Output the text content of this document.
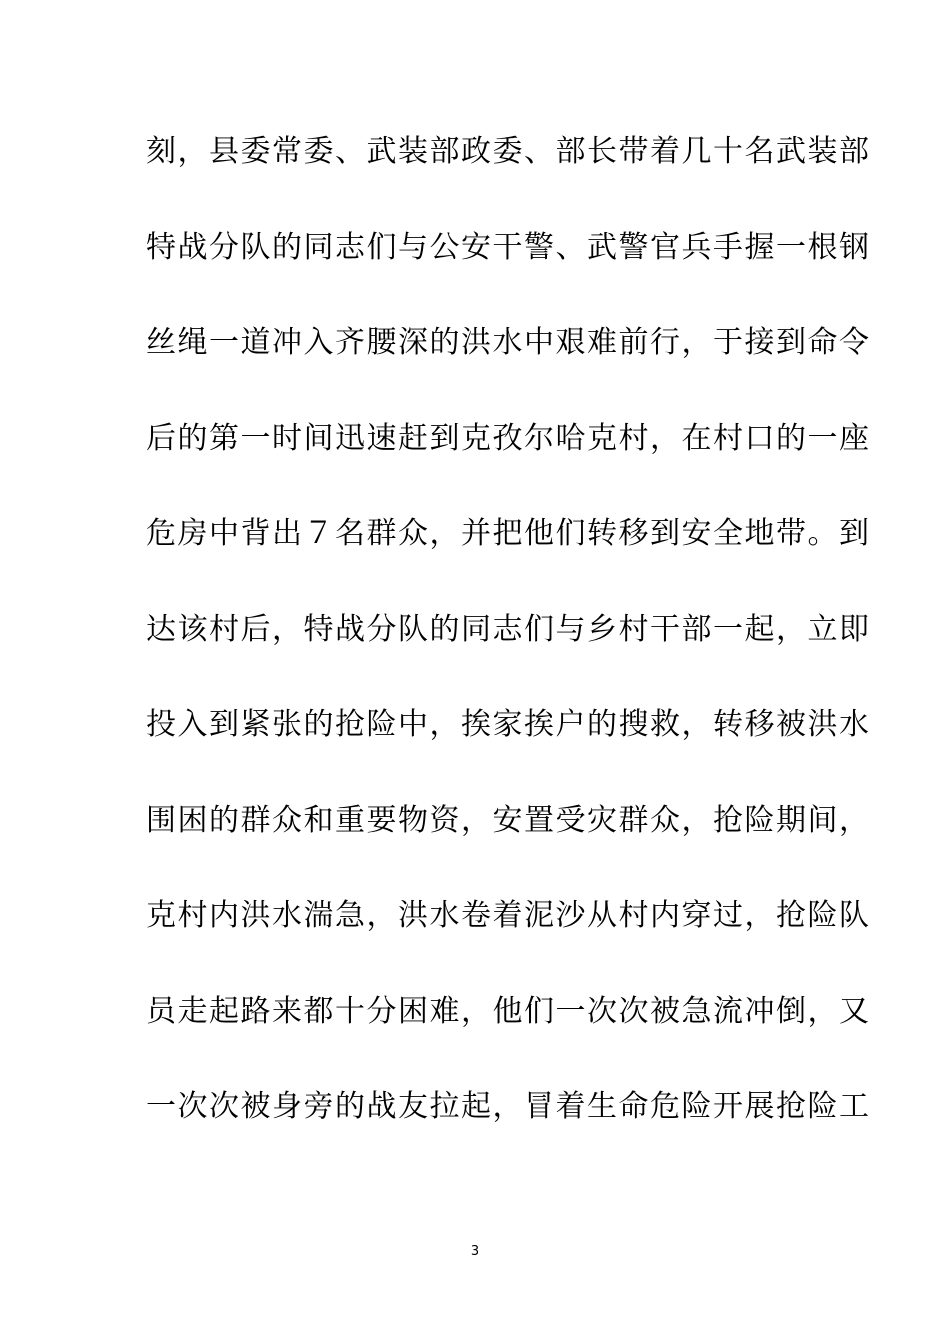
刻，县委常委、武装部政委、部长带着几十名武装部
特战分队的同志们与公安干警、武警官兵手握一根钢
丝绳一道冲入齐腰深的洪水中艰难前行，于接到命令
后的第一时间迅速赶到克孜尔哈克村，在村口的一座
危房中背出７名群众，并把他们转移到安全地带。到
达该村后，特战分队的同志们与乡村干部一起，立即
投入到紧张的抢险中，挨家挨户的搜救，转移被洪水
围困的群众和重要物资，安置受灾群众，抢险期间，
克村内洪水湍急，洪水卷着泥沙从村内穿过，抢险队
员走起路来都十分困难，他们一次次被急流冲倒，又
一次次被身旁的战友拉起，冒着生命危险开展抢险工
3
